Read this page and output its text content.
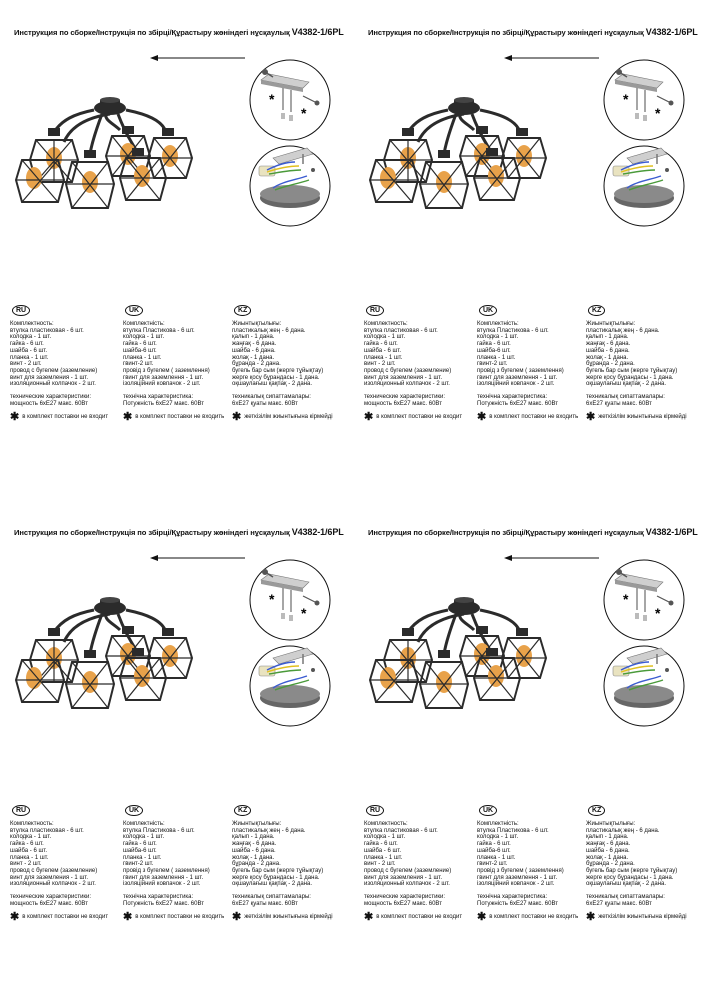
Инструкция по сборке/Інструкція по збірці/Құрастыру жөніндегі нұсқаулық V4382-1/6PL
*
*
RU
Комплектность:
втулка пластиковая - 6 шт.
колодка - 1 шт.
гайка - 6 шт.
шайба - 6 шт.
планка - 1 шт.
винт - 2 шт.
провод с бугелем (заземление)
винт для заземления - 1 шт.
изоляционный колпачок - 2 шт.
технические характеристики:
мощность 6хЕ27 макс. 60Вт
✱ в комплект поставки не входит
UK
Комплектність:
втулка Пластикова - 6 шт.
колодка - 1 шт.
гайка - 6 шт.
шайба-6 шт.
планка - 1 шт.
гвинт-2 шт.
провід з бугелем ( заземлення)
гвинт для заземлення - 1 шт.
ізоляційний ковпачок - 2 шт.
технічна характеристика:
Потужність 6хЕ27 макс. 60Вт
✱ в комплект поставки не входить
KZ
Жиынтықтылығы:
пластикалық жең - 6 дана.
қалып - 1 дана.
жаңғақ - 6 дана.
шайба - 6 дана.
жолақ - 1 дана.
бұранда - 2 дана.
бугель бар сым (жерге тұйықтау)
жерге қосу бұрандасы - 1 дана.
оқшаулағыш қақпақ - 2 дана.
техникалық сипаттамалары:
6хЕ27 қуаты макс. 60Вт
✱ жеткізілім жиынтығына кірмейді
Инструкция по сборке/Інструкція по збірці/Құрастыру жөніндегі нұсқаулық V4382-1/6PL
*
*
RU
Комплектность:
втулка пластиковая - 6 шт.
колодка - 1 шт.
гайка - 6 шт.
шайба - 6 шт.
планка - 1 шт.
винт - 2 шт.
провод с бугелем (заземление)
винт для заземления - 1 шт.
изоляционный колпачок - 2 шт.
технические характеристики:
мощность 6хЕ27 макс. 60Вт
✱ в комплект поставки не входит
UK
Комплектність:
втулка Пластикова - 6 шт.
колодка - 1 шт.
гайка - 6 шт.
шайба-6 шт.
планка - 1 шт.
гвинт-2 шт.
провід з бугелем ( заземлення)
гвинт для заземлення - 1 шт.
ізоляційний ковпачок - 2 шт.
технічна характеристика:
Потужність 6хЕ27 макс. 60Вт
✱ в комплект поставки не входить
KZ
Жиынтықтылығы:
пластикалық жең - 6 дана.
қалып - 1 дана.
жаңғақ - 6 дана.
шайба - 6 дана.
жолақ - 1 дана.
бұранда - 2 дана.
бугель бар сым (жерге тұйықтау)
жерге қосу бұрандасы - 1 дана.
оқшаулағыш қақпақ - 2 дана.
техникалық сипаттамалары:
6хЕ27 қуаты макс. 60Вт
✱ жеткізілім жиынтығына кірмейді
Инструкция по сборке/Інструкція по збірці/Құрастыру жөніндегі нұсқаулық V4382-1/6PL
*
*
RU
Комплектность:
втулка пластиковая - 6 шт.
колодка - 1 шт.
гайка - 6 шт.
шайба - 6 шт.
планка - 1 шт.
винт - 2 шт.
провод с бугелем (заземление)
винт для заземления - 1 шт.
изоляционный колпачок - 2 шт.
технические характеристики:
мощность 6хЕ27 макс. 60Вт
✱ в комплект поставки не входит
UK
Комплектність:
втулка Пластикова - 6 шт.
колодка - 1 шт.
гайка - 6 шт.
шайба-6 шт.
планка - 1 шт.
гвинт-2 шт.
провід з бугелем ( заземлення)
гвинт для заземлення - 1 шт.
ізоляційний ковпачок - 2 шт.
технічна характеристика:
Потужність 6хЕ27 макс. 60Вт
✱ в комплект поставки не входить
KZ
Жиынтықтылығы:
пластикалық жең - 6 дана.
қалып - 1 дана.
жаңғақ - 6 дана.
шайба - 6 дана.
жолақ - 1 дана.
бұранда - 2 дана.
бугель бар сым (жерге тұйықтау)
жерге қосу бұрандасы - 1 дана.
оқшаулағыш қақпақ - 2 дана.
техникалық сипаттамалары:
6хЕ27 қуаты макс. 60Вт
✱ жеткізілім жиынтығына кірмейді
Инструкция по сборке/Інструкція по збірці/Құрастыру жөніндегі нұсқаулық V4382-1/6PL
*
*
RU
Комплектность:
втулка пластиковая - 6 шт.
колодка - 1 шт.
гайка - 6 шт.
шайба - 6 шт.
планка - 1 шт.
винт - 2 шт.
провод с бугелем (заземление)
винт для заземления - 1 шт.
изоляционный колпачок - 2 шт.
технические характеристики:
мощность 6хЕ27 макс. 60Вт
✱ в комплект поставки не входит
UK
Комплектність:
втулка Пластикова - 6 шт.
колодка - 1 шт.
гайка - 6 шт.
шайба-6 шт.
планка - 1 шт.
гвинт-2 шт.
провід з бугелем ( заземлення)
гвинт для заземлення - 1 шт.
ізоляційний ковпачок - 2 шт.
технічна характеристика:
Потужність 6хЕ27 макс. 60Вт
✱ в комплект поставки не входить
KZ
Жиынтықтылығы:
пластикалық жең - 6 дана.
қалып - 1 дана.
жаңғақ - 6 дана.
шайба - 6 дана.
жолақ - 1 дана.
бұранда - 2 дана.
бугель бар сым (жерге тұйықтау)
жерге қосу бұрандасы - 1 дана.
оқшаулағыш қақпақ - 2 дана.
техникалық сипаттамалары:
6хЕ27 қуаты макс. 60Вт
✱ жеткізілім жиынтығына кірмейді
